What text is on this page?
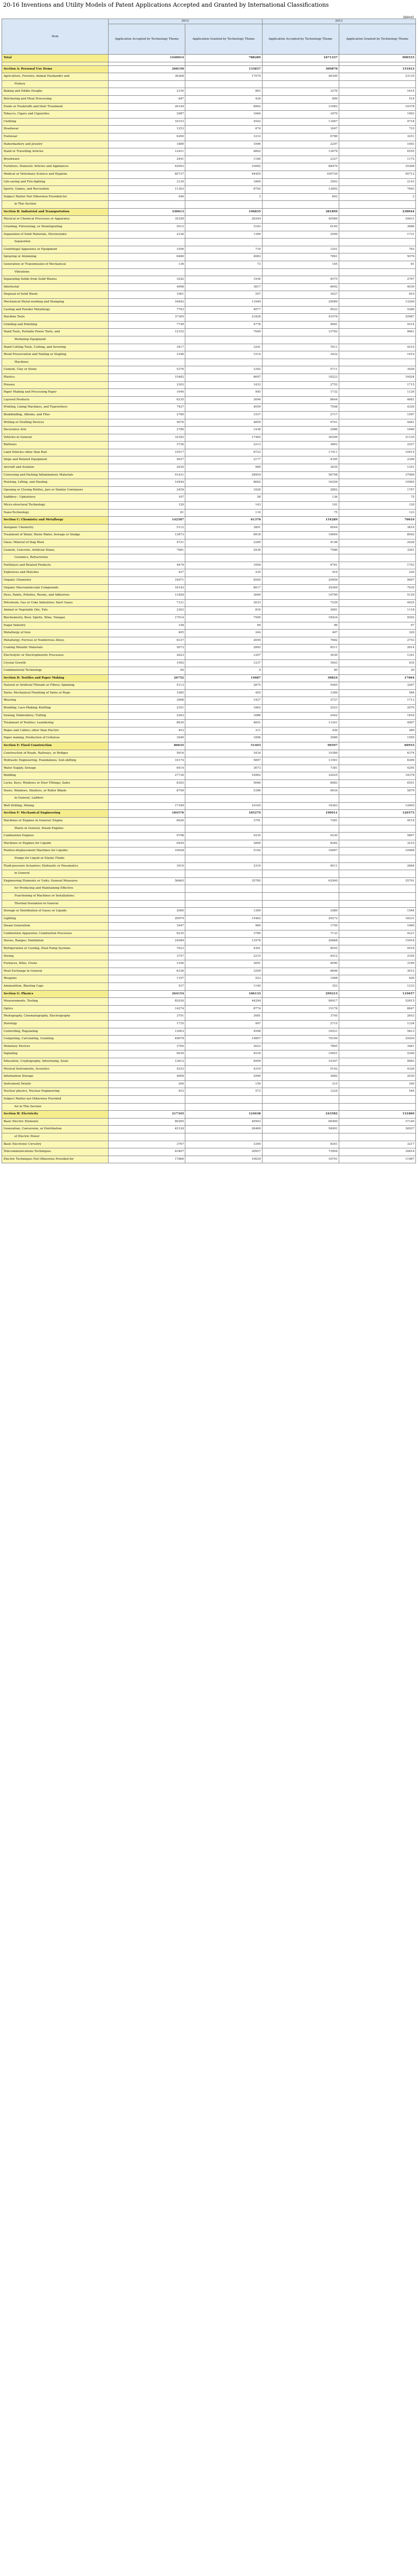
20-16 Inventions and Utility Models of Patent Applications Accepted and Granted by International Classifications
(piece)
Item	2012		2013	
	Application Accepted by Technology Theme	Application Granted by Technology Theme	Application Accepted by Technology Theme	Application Granted by Technology Theme
Total	1440014	788289	1671337	900533

Section A: Personal Use Items	268150	133837	309870	151812
Agriculture, Forestry, Animal Husbandry and	36268	17079	46390	23135
Fishery				
Baking and Edible Doughs	2154	863	3376	1614
Butchering and Meat Processing	847	434	899	514
Foods or Foodstuffs and their Treatment	26144	8962	31682	10378
Tobacco, Cigars and Cigarettes	2987	1664	3479	1993
Clothing	10153	4542	11667	4718
Headwear	1253	674	1607	710
Footwear	6260	3333	6786	3251
Haberdashery and Jewelry	1889	1096	2297	1093
Hand or Travelling Articles	12421	6862	13679	6555
Brushware	2491	1180	2327	1172
Furniture, Domestic Articles and Appliances	62093	33682	88470	35368
Medical or Veterinary Science and Hygiene	85737	44455	100729	50712
Life-saving and Fire-fighting	3134	1869	3563	2143
Sports, Games, and Recreation	11363	8792	12892	7693
Subject Matter Not Otherwise Provided for	949	3	842	2
in This Section				
Section B: Industrial and Transportation	330613	196835	381899	230044
Physical or Chemical Processes or Apparatus	35359	26244	40586	24631
Crushing, Pulverizing, or Disintegrating	5012	3183	6165	3686
Separation of Solid Materials, Electrostatic	2336	1399	2509	1731
Separation				
Centrifugal Apparatus or Equipment	1056	719	1241	783
Spraying or Atomizing	6486	4083	7861	5076
Generation or Transmission of Mechanical	136	73	145	81
Vibrations				
Separating Solids from Solid Wastes	3242	1936	4575	2767
Intertestal	4998	3817	6692	4030
Disposal of Solid Waste	1061	557	1627	810
Mechanical Metal-working and Stamping	16842	11649	20089	13299
Casting and Powder Metallurgy	7763	4077	9523	5286
Machine Tools	37365	21826	41076	25987
Grinding and Polishing	7749	4778	9081	5514
Hand Tools, Portable Power Tools, and	12152	7049	15782	9661
Workshop Equipment				
Hand Cutting Tools, Cutting, and Severing	3417	3241	7611	4210
Wood Preservation and Nailing or Stapling	3180	1514	3432	1910
Machines				
Cement, Clay or Stone	5376	3392	5711	3926
Plastics	15482	8697	18223	10024
Presses	2302	1433	2752	1715
Paper Making and Processing Paper	1644	945	1732	1126
Layered Products	6235	3094	8644	4681
Printing, Lining Machines, and Typewriters	7427	4059	7508	4329
Bookbinding, Albums, and Files	2780	1537	2717	1597
Writing or Drafting Devices	5676	4859	9741	4481
Decorative Arts	2784	1438	2986	1696
Vehicles in General	32392	17482	36296	21135
Railways	3726	2213	3862	2227
Land Vehicles other than Rail	15517	8723	17411	10415
Ships and Related Equipment	4037	2177	4395	2396
Aircraft and Aviation	2630	989	3029	1351
Conveying and Packing Inflammatory Materials	51431	28954	58708	37006
Hoisting, Lifting, and Hauling	14444	8662	16256	10565
Opening or Closing Bottles, Jars or Similar Containers	2459	1026	2862	1767
Saddlery ; Upholstery	107	58	136	75
Micro-structural Technology	120	143	101	120
Nano-Technology	81	116	75	123
Section C: Chemistry and Metallurgy	142587	61370	154289	70019
Inorganic Chemistry	5112	3801	8544	3816
Treatment of Water, Waste Water, Sewage or Sludge	13673	6918	16694	8942
Glass; Mineral of Slag Wool	4721	2269	4198	2426
Cement, Concrete, Artificial Stone;	7981	2930	7586	3261
Ceramics, Refractories				
Fertilizers and Related Products	4479	1004	4761	1703
Explosives and Matches	427	235	419	226
Organic Chemistry	19971	8505	20956	9697
Organic Macromolecular Compounds	16143	8017	20369	7935
Dyes, Paints, Polishes, Resins, and Adhesives	11826	3649	10790	5129
Petroleum, Gas or Coke Industries; Inert Gases	7121	3033	7229	4425
Animal or Vegetable Oils, Fats	2363	816	3681	1118
Biochemistry, Beer, Spirits, Wine, Vinegar,	17014	7500	18434	9292
Sugar Industry	158	69	96	97
Metallurgy of Iron	405	244	497	320
Metallurgy; Ferrous or Nonferrous Alloys	6337	2650	7682	2753
Coating Metallic Materials	5673	2845	6511	2614
Electrolytic or Electrophoretic Processes	2623	1207	3030	1341
Crystal Growth	1092	1237	1843	935
Combinatorial Technology	64	9	60	20
Section D: Textiles and Paper Making	26752	14687	30824	17664
Natural or Artificial Threads or Fibres; Spinning	5113	2875	5445	3267
Yarns; Mechanical Finishing of Yarns or Rope	1085	455	1369	584
Weaving	3068	1427	3727	1713
Braiding; Lace-Making; Knitting	2351	1862	2523	2070
Sewing; Embroidery; Tufting	2263	1686	2442	1816
Treatment of Textiles; Laundering	8630	4601	11241	4907
Ropes and Cables; other than Electric	453	311	436	280
Paper making, Production of Cellulose	3049	1896	2986	1595
Section E: Fixed Construction	80635	51493	90597	60953
Construction of Roads, Railways, or Bridges	5616	3434	10389	6374
Hydraulic Engineering, Foundations, Soil-shifting	10174	5897	11561	6266
Water Supply, Sewage	6414	3673	7381	4295
Building	27736	16962	32025	19378
Locks, Keys; Windows or Door Fittings; Safes	8302	5666	8983	6551
Doors, Windows, Shutters, or Roller Blinds	8799	5396	9934	5879
in General, Ladders				
Well Drilling, Mining	17189	10165	18363	12605
Section F: Mechanical Engineering	184576	105279	190911	120575
Machines or Engines in General; Engine	6626	3701	7281	4519
Plants in General, Steam Engines				
Combustion Engines	9798	5235	9330	5807
Machines or Engines for Liquids	6929	2800	8282	3210
Positive-displacement Machines for Liquids;	10628	5192	16607	10466
Pumps for Liquid or Elastic Fluids				
Fluid-pressure Actuators; Hydraulic or Pneumatics	3910	2310	4011	2664
in General				
Engineering Elements or Units; General Measures	56665	35785	62900	35791
for Producing and Maintaining Effective				
Functioning of Machines or Installations;				
Thermal Insulation in General				
Storage or Distribution of Gases or Liquids	2060	1369	2489	1564
Lighting	20979	15462	29272	18231
Steam Generation	1647	960	1759	1060
Combustion Apparatus; Combustion Processes	6235	3780	7133	4221
Stoves, Ranges; Ventilation	24589	13576	26868	15916
Refrigeration or Cooling, Heat Pump Systems	7623	4361	8555	4516
Drying	3757	2215	4412	2345
Furnaces, Kilns, Ovens	3164	2691	4090	3166
Heat Exchange in General	6336	3209	6606	3012
Weapons	1197	523	1408	626
Ammunition, Blasting Caps	537	1140	353	1233
Section G: Physics	264154	106133	299213	119657
Measurements, Testing	82030	44294	98417	52615
Optics	14274	8774	15176	8847
Photography, Cinematography, Electrography	3791	3081	3705	2653
Horology	1735	997	2715	1334
Controlling, Regulating	13003	4598	16521	5813
Computing, Calculating, Counting	49678	19897	70109	25020
Monetary Devices	3760	2622	7865	3461
Signaling	9039	4518	10051	5340
Education, Cryptography, Advertising, Seals	13612	8409	14307	9083
Musical Instruments, Acoustics	4333	4310	5142	4326
Information Storage	4008	2990	3682	2030
Instrument Details	204	159	215	160
Nuclear physics, Nuclear Engineering	933	573	1224	545
Subject Matter not Otherwise Provided				
for in This Section				
Section H: Electricity	217345	124638	243582	131869
Basic Electric Elements	60265	40563	66400	37140
Generation, Conversion, or Distribution	45120	26469	54991	30937
of Electric Power				
Basic Electronic Circuitry	3767	3394	8341	3217
Telecommunications Techniques	63407	30957	73904	34816
Electric Techniques Not Otherwise Provided for	17866	10639	16701	11967
